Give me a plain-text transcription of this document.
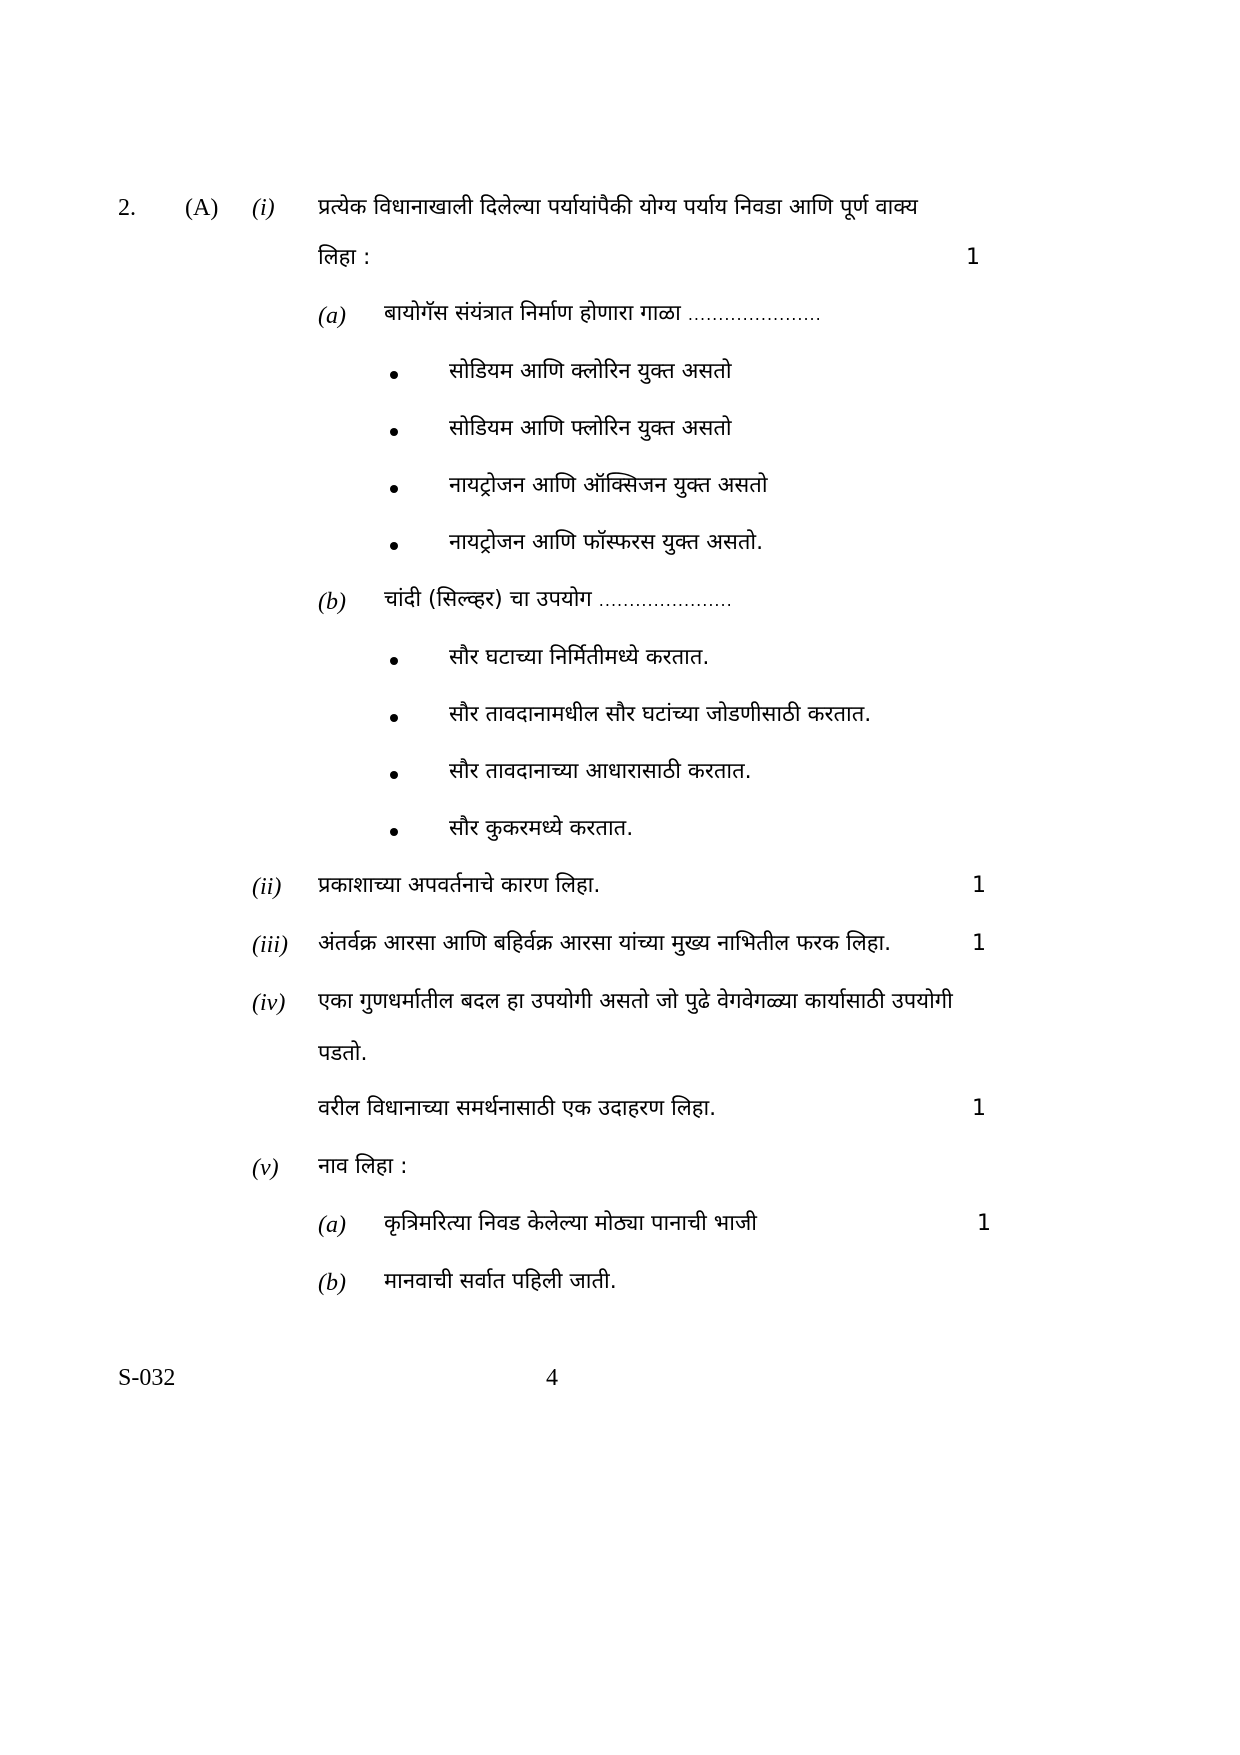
2. (A) (i) प्रत्येक विधानाखाली दिलेल्या पर्यायांपैकी योग्य पर्याय निवडा आणि पूर्ण वाक्य
लिहा :	1
(a) बायोगॅस संयंत्रात निर्माण होणारा गाळा ......................
सोडियम आणि क्लोरिन युक्त असतो
सोडियम आणि फ्लोरिन युक्त असतो
नायट्रोजन आणि ऑक्सिजन युक्त असतो
नायट्रोजन आणि फॉस्फरस युक्त असतो.
(b) चांदी (सिल्व्हर) चा उपयोग ......................
सौर घटाच्या निर्मितीमध्ये करतात.
सौर तावदानामधील सौर घटांच्या जोडणीसाठी करतात.
सौर तावदानाच्या आधारासाठी करतात.
सौर कुकरमध्ये करतात.
(ii) प्रकाशाच्या अपवर्तनाचे कारण लिहा.	1
(iii) अंतर्वक्र आरसा आणि बहिर्वक्र आरसा यांच्या मुख्य नाभितील फरक लिहा.	1
(iv) एका गुणधर्मातील बदल हा उपयोगी असतो जो पुढे वेगवेगळ्या कार्यासाठी उपयोगी
पडतो.
वरील विधानाच्या समर्थनासाठी एक उदाहरण लिहा.	1
(v) नाव लिहा :
(a) कृत्रिमरित्या निवड केलेल्या मोठ्या पानाची भाजी	1
(b) मानवाची सर्वात पहिली जाती.
S-032	4
